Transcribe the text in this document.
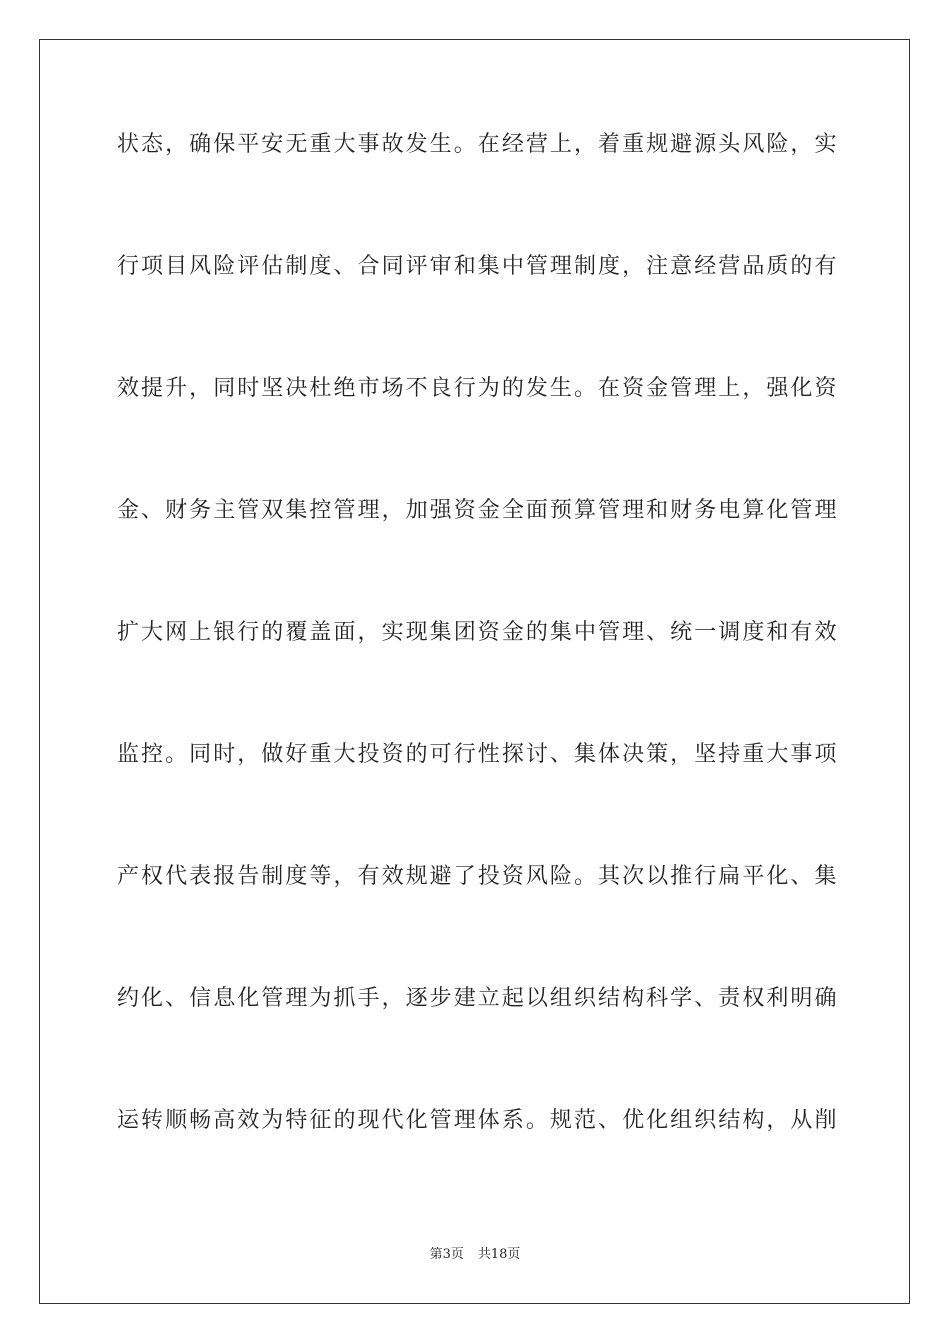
状态，确保平安无重大事故发生。在经营上，着重规避源头风险，实
行项目风险评估制度、合同评审和集中管理制度，注意经营品质的有
效提升，同时坚决杜绝市场不良行为的发生。在资金管理上，强化资
金、财务主管双集控管理，加强资金全面预算管理和财务电算化管理
扩大网上银行的覆盖面，实现集团资金的集中管理、统一调度和有效
监控。同时，做好重大投资的可行性探讨、集体决策，坚持重大事项
产权代表报告制度等，有效规避了投资风险。其次以推行扁平化、集
约化、信息化管理为抓手，逐步建立起以组织结构科学、责权利明确
运转顺畅高效为特征的现代化管理体系。规范、优化组织结构，从削
第3页 共18页
